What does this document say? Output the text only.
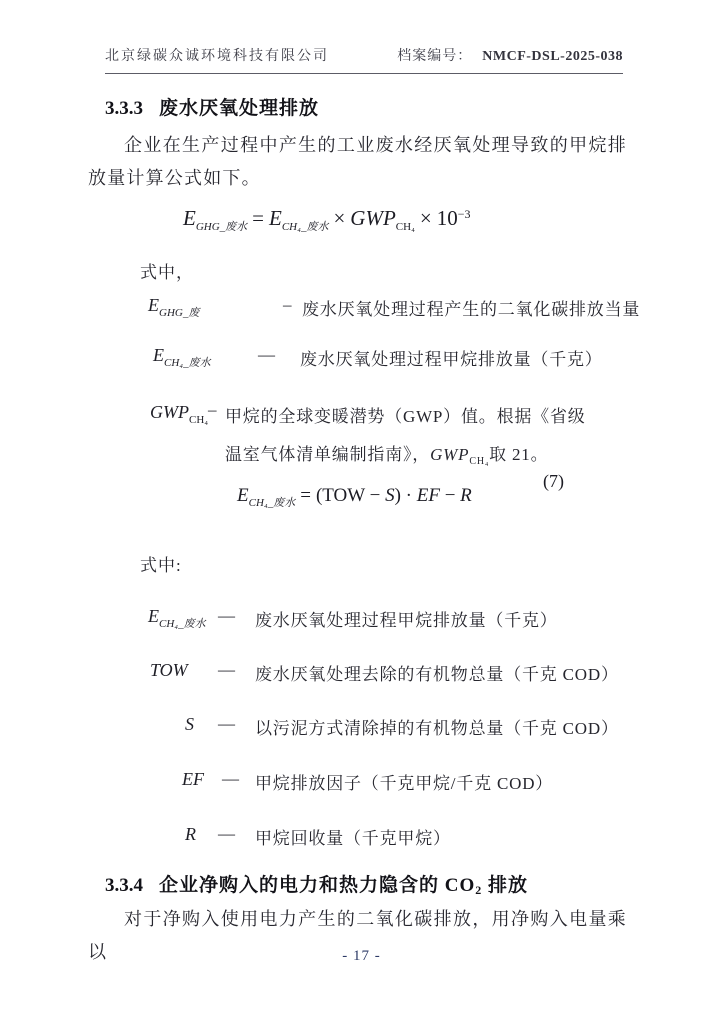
北京绿碳众诚环境科技有限公司	档案编号： NMCF-DSL-2025-038
3.3.3 废水厌氧处理排放
企业在生产过程中产生的工业废水经厌氧处理导致的甲烷排放量计算公式如下。
$E_{GHG\_废水} = E_{CH_4\_废水} \times GWP_{CH_4} \times 10^{-3}$
式中，
$E_{GHG\_废}$	– 废水厌氧处理过程产生的二氧化碳排放当量
$E_{CH_4\_废水}$	— 废水厌氧处理过程甲烷排放量（千克）
$GWP_{CH_4}$
– 甲烷的全球变暖潜势（GWP）值。根据《省级
温室气体清单编制指南》，$GWP_{CH_4}$取 21。
(7)
$E_{CH_4\_废水} = (TOW - S)$ · EF − R
式中:
$E_{CH_4\_废水}$ — 废水厌氧处理过程甲烷排放量（千克）
TOW — 废水厌氧处理去除的有机物总量（千克 COD）
S — 以污泥方式清除掉的有机物总量（千克 COD）
EF — 甲烷排放因子（千克甲烷/千克 COD）
R — 甲烷回收量（千克甲烷）
3.3.4 企业净购入的电力和热力隐含的 $CO_2$ 排放
对于净购入使用电力产生的二氧化碳排放，用净购入电量乘以	- 17 -
